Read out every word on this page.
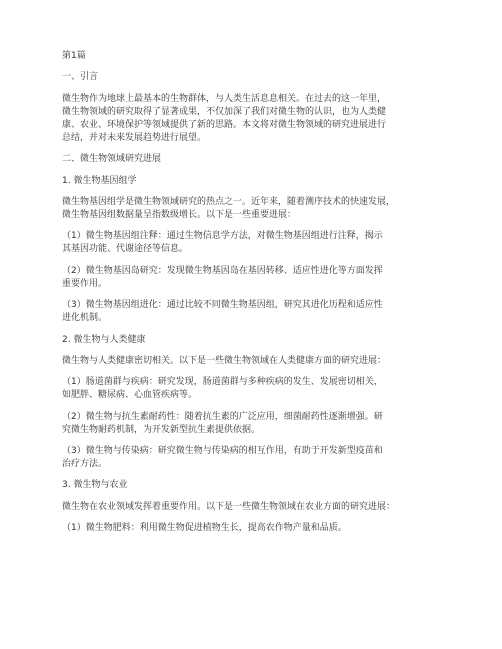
第1篇
一、引言
微生物作为地球上最基本的生物群体，与人类生活息息相关。在过去的这一年里，
微生物领域的研究取得了显著成果，不仅加深了我们对微生物的认识，也为人类健
康、农业、环境保护等领域提供了新的思路。本文将对微生物领域的研究进展进行
总结，并对未来发展趋势进行展望。
二、微生物领域研究进展
1. 微生物基因组学
微生物基因组学是微生物领域研究的热点之一。近年来，随着测序技术的快速发展，
微生物基因组数据量呈指数级增长。以下是一些重要进展：
（1）微生物基因组注释：通过生物信息学方法，对微生物基因组进行注释，揭示
其基因功能、代谢途径等信息。
（2）微生物基因岛研究：发现微生物基因岛在基因转移、适应性进化等方面发挥
重要作用。
（3）微生物基因组进化：通过比较不同微生物基因组，研究其进化历程和适应性
进化机制。
2. 微生物与人类健康
微生物与人类健康密切相关。以下是一些微生物领域在人类健康方面的研究进展：
（1）肠道菌群与疾病：研究发现，肠道菌群与多种疾病的发生、发展密切相关，
如肥胖、糖尿病、心血管疾病等。
（2）微生物与抗生素耐药性：随着抗生素的广泛应用，细菌耐药性逐渐增强。研
究微生物耐药机制，为开发新型抗生素提供依据。
（3）微生物与传染病：研究微生物与传染病的相互作用，有助于开发新型疫苗和
治疗方法。
3. 微生物与农业
微生物在农业领域发挥着重要作用。以下是一些微生物领域在农业方面的研究进展：
（1）微生物肥料：利用微生物促进植物生长，提高农作物产量和品质。
